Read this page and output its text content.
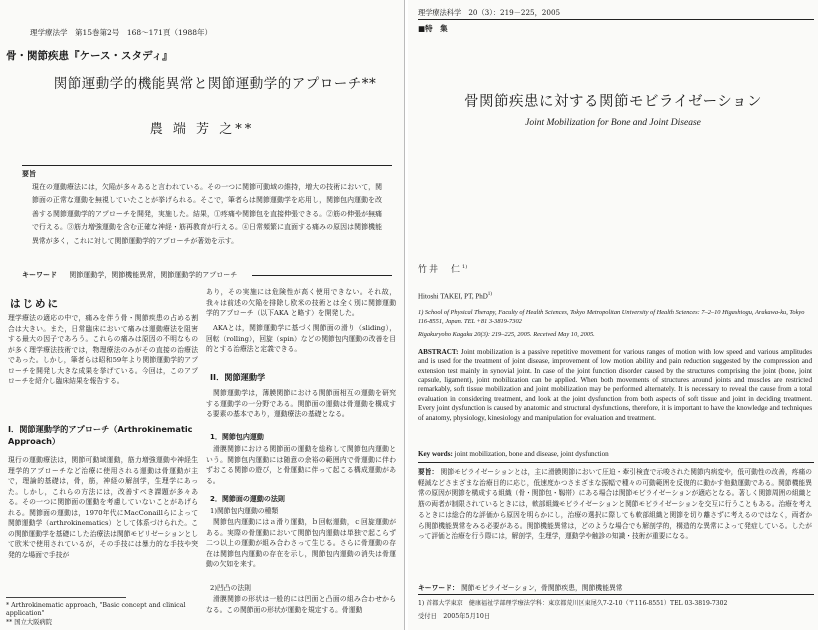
理学療法学　第15巻第2号　168～171頁（1988年）
骨・関節疾患『ケース・スタディ』
関節運動学的機能異常と関節運動学的アプローチ**
農 端 芳 之**
要旨
現在の運動療法には，欠陥が多々あると言われている。その一つに関節可動域の維持，増大の技術において，関節面の正常な運動を無視していたことが挙げられる。そこで，筆者らは関節運動学を応用し，関節包内運動を改善する関節運動学的アプローチを開発，実施した。結果，①疼痛や関節包を直接伸張できる。②筋の伸張が無痛で行える。③筋力増強運動を含む正確な神経・筋再教育が行える。④日常頻繁に直面する痛みの原因は関節機能異常が多く，これに対して関節運動学的アプローチが著効を示す。
キーワード 関節運動学，関節機能異常，関節運動学的アプローチ
はじめに
理学療法の適応の中で，痛みを伴う骨・関節疾患の占める割合は大きい。また，日常臨床において痛みは運動療法を阻害する最大の因子であろう。これらの痛みは原因の不明なものが多く理学療法技術では，物理療法のみがその直接の治療法であった。しかし，筆者らは昭和59年より関節運動学的アプローチを開発し大きな成果を挙げている。今回は，このアプローチを紹介し臨床結果を報告する。
I．関節運動学的アプローチ（Arthrokinematic Approach）
現行の運動療法は，関節可動域運動，筋力増強運動や神経生理学的アプローチなど治療に使用される運動は骨運動が主で，理論的基礎は，骨，筋，神経の解剖学，生理学にあった。しかし，これらの方法には，改善すべき課題が多々ある。その一つに関節面の運動を考慮していないことがあげられる。関節面の運動は，1970年代にMacConaillらによって関節運動学（arthrokinematics）として体系づけられた。この関節運動学を基礎にした治療法は関節モビリゼーションとして欧米で使用されているが，その手技には暴力的な手技や突発的な場面で手技が
* Arthrokinematic approach, "Basic concept and clinical application"
** 国立大阪病院
あり，その実施には危険性が高く使用できない。それ故，我々は前述の欠陥を排除し欧米の技術とは全く別に関節運動学的アプローチ（以下AKA と略す）を開発した。
AKAとは，関節運動学に基づく関節面の滑り（sliding），回転（rolling），回旋（spin）などの関節包内運動の改善を目的とする治療法と定義できる。
II．関節運動学
関節運動学は，薄膜関節における関節面相互の運動を研究する運動学の一分野である。関節面の運動は骨運動を構成する要素の基本であり，運動療法の基礎となる。
1．関節包内運動
滑膜関節における関節面の運動を総称して関節包内運動という。関節包内運動には随意の余裕の範囲内で骨運動に伴わずおこる関節の遊び，と骨運動に伴って起こる構成運動がある。
2．関節面の運動の法則
1)関節包内運動の種類
関節包内運動にはａ滑り運動，ｂ回転運動，ｃ回旋運動がある。実際の骨運動において関節包内運動は単独で起こらず二つ以上の運動が組み合わさって生じる。さらに骨運動の存在は関節包内運動の存在を示し，関節包内運動の消失は骨運動の欠如を来す。
2)凹凸の法則
滑膜関節の形状は一般的には凹面と凸面の組み合わせからなる。この関節面の形状が運動を規定する。骨運動
理学療法科学　20（3）：219－225，2005
■特　集
骨関節疾患に対する関節モビライゼーション
Joint Mobilization for Bone and Joint Disease
竹井　仁$^{1)}$
Hitoshi TAKEI, PT, PhD$^{1)}$
1) School of Physical Therapy, Faculty of Health Sciences, Tokyo Metropolitan University of Health Sciences: 7–2–10 Higashiogu, Arakawa-ku, Tokyo 116-8551, Japan. TEL +81 3-3819-7302
Rigakuryoho Kagaku 20(3): 219–225, 2005. Received May 10, 2005.
ABSTRACT: Joint mobilization is a passive repetitive movement for various ranges of motion with low speed and various amplitudes and is used for the treatment of joint disease, improvement of low motion ability and pain reduction suggested by the compression and extension test mainly in synovial joint. In case of the joint function disorder caused by the structures comprising the joint (bone, joint capsule, ligament), joint mobilization can be applied. When both movements of structures around joints and muscles are restricted remarkably, soft tissue mobilization and joint mobilization may be performed alternately. It is necessary to reveal the cause from a total evaluation in considering treatment, and look at the joint dysfunction from both aspects of soft tissue and joint in deciding treatment. Every joint dysfunction is caused by anatomic and structural dysfunctions, therefore, it is important to have the knowledge and techniques of anatomy, physiology, kinesiology and manipulation for evaluation and treatment.
Key words: joint mobilization, bone and disease, joint dysfunction
要旨： 関節モビライゼーションとは，主に滑膜関節において圧迫・牽引検査で示唆された関節内病変や，低可動性の改善，疼痛の軽減などさまざまな治療目的に応じ，低速度かつさまざまな振幅で種々の可動範囲を反復的に動かす他動運動である。関節機能異常の原因が関節を構成する組織（骨・関節包・靱帯）にある場合は関節モビライゼーションが適応となる。著しく関節周囲の組織と筋の両者が制限されているときには，軟部組織モビライゼーションと関節モビライゼーションを交互に行うこともある。治療を考えるときには総合的な評価から原因を明らかにし，治療の選択に際しても軟部組織と関節を切り離さずに考えるのではなく，両者から関節機能異常をみる必要がある。関節機能異常は，どのような場合でも解剖学的，構造的な異常によって発症している。したがって評価と治療を行う際には，解剖学，生理学，運動学や触診の知識・技術が重要になる。
キーワード： 関節モビライゼーション，骨関節疾患，関節機能異常
1) 首都大学東京　健康福祉学部理学療法学科：東京都荒川区東尾久7-2-10（〒116-8551）TEL 03-3819-7302
受付日　2005年5月10日
